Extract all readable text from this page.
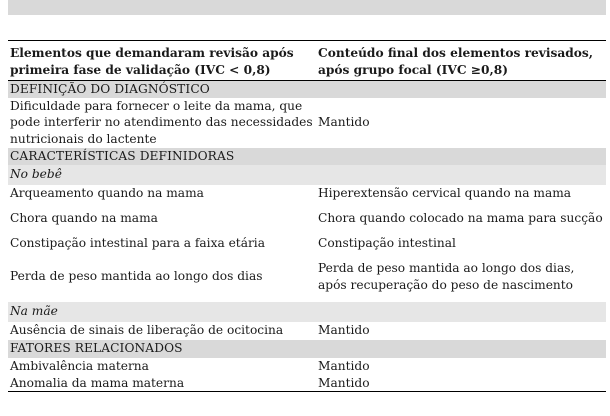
Elementos que demandaram revisão após primeira fase de validação (IVC < 0,8)	Conteúdo final dos elementos revisados, após grupo focal (IVC ≥0,8)
DEFINIÇÃO DO DIAGNÓSTICO	
Dificuldade para fornecer o leite da mama, que pode interferir no atendimento das necessidades nutricionais do lactente	Mantido
CARACTERÍSTICAS DEFINIDORAS	
No bebê	
Arqueamento quando na mama	Hiperextensão cervical quando na mama
Chora quando na mama	Chora quando colocado na mama para sucção
Constipação intestinal para a faixa etária	Constipação intestinal
Perda de peso mantida ao longo dos dias	Perda de peso mantida ao longo dos dias, após recuperação do peso de nascimento
Na mãe	
Ausência de sinais de liberação de ocitocina	Mantido
FATORES RELACIONADOS	
Ambivalência materna	Mantido
Anomalia da mama materna	Mantido
